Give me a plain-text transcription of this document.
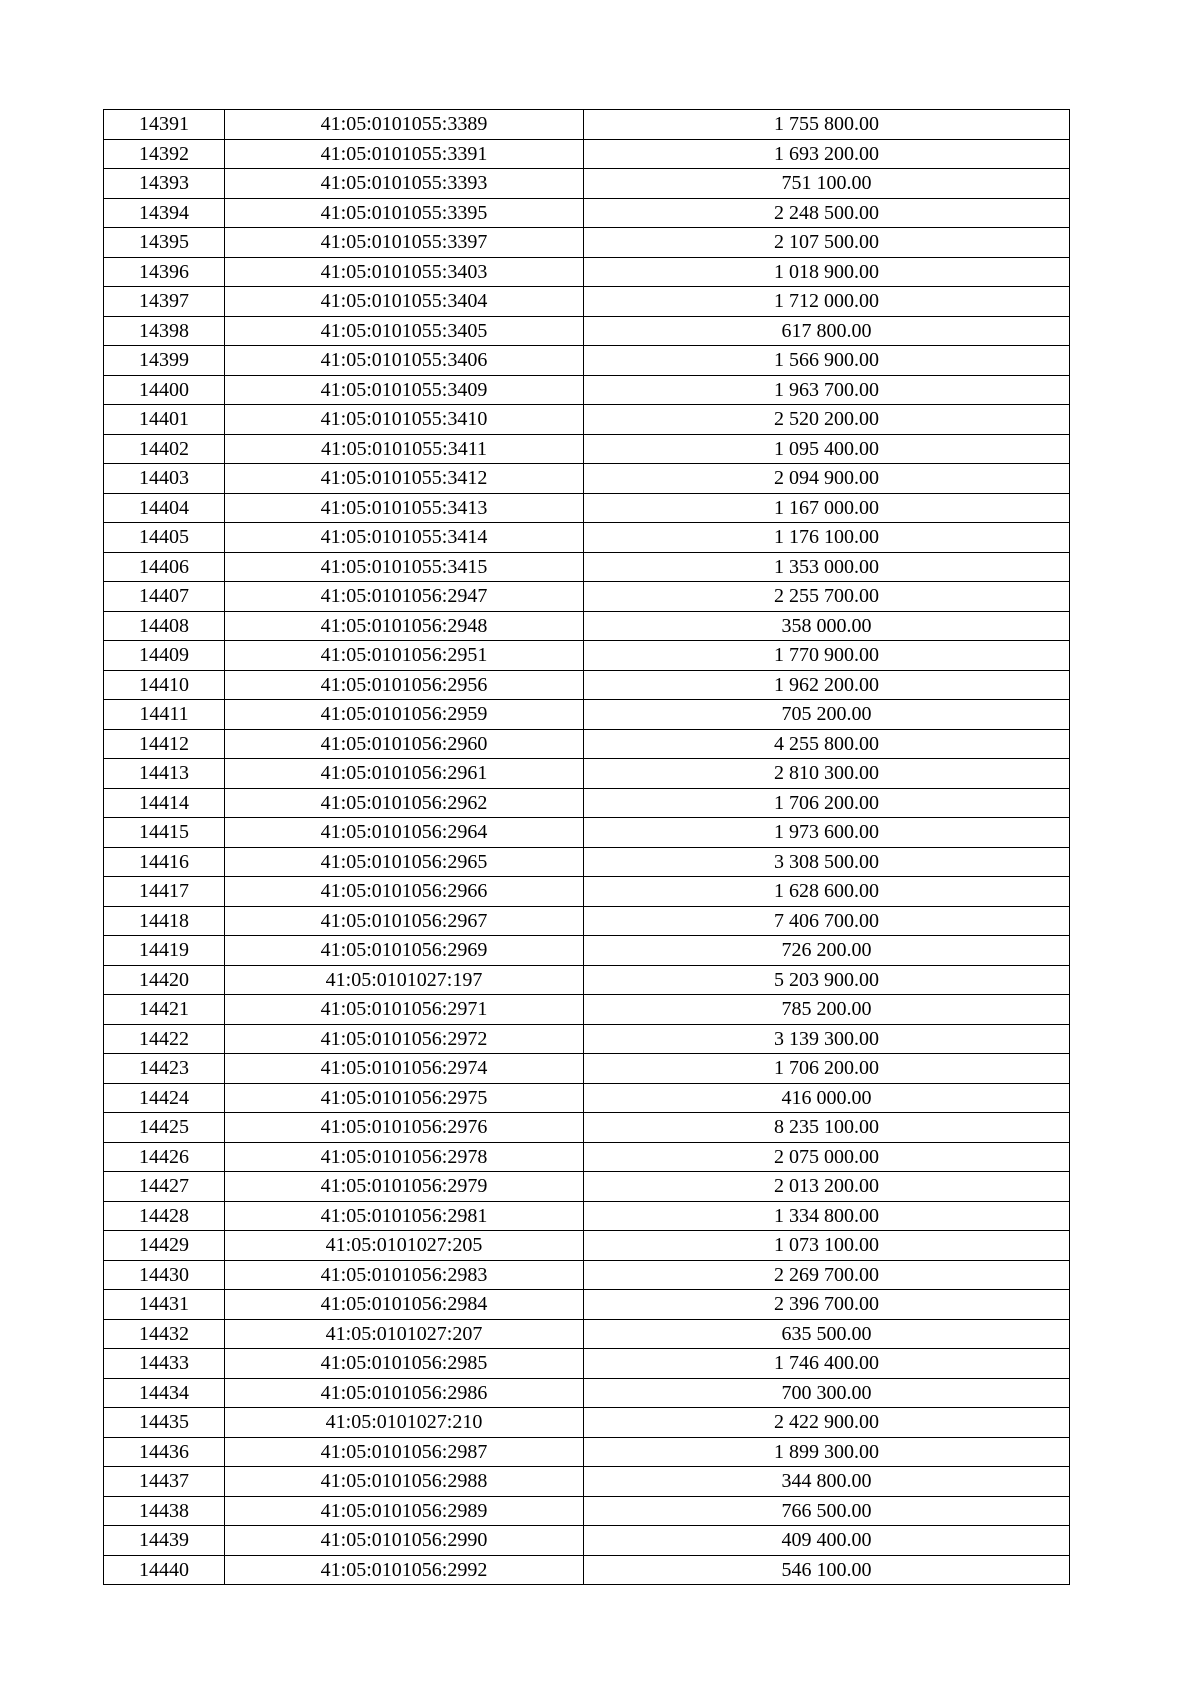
14391	41:05:0101055:3389	1 755 800.00
14392	41:05:0101055:3391	1 693 200.00
14393	41:05:0101055:3393	751 100.00
14394	41:05:0101055:3395	2 248 500.00
14395	41:05:0101055:3397	2 107 500.00
14396	41:05:0101055:3403	1 018 900.00
14397	41:05:0101055:3404	1 712 000.00
14398	41:05:0101055:3405	617 800.00
14399	41:05:0101055:3406	1 566 900.00
14400	41:05:0101055:3409	1 963 700.00
14401	41:05:0101055:3410	2 520 200.00
14402	41:05:0101055:3411	1 095 400.00
14403	41:05:0101055:3412	2 094 900.00
14404	41:05:0101055:3413	1 167 000.00
14405	41:05:0101055:3414	1 176 100.00
14406	41:05:0101055:3415	1 353 000.00
14407	41:05:0101056:2947	2 255 700.00
14408	41:05:0101056:2948	358 000.00
14409	41:05:0101056:2951	1 770 900.00
14410	41:05:0101056:2956	1 962 200.00
14411	41:05:0101056:2959	705 200.00
14412	41:05:0101056:2960	4 255 800.00
14413	41:05:0101056:2961	2 810 300.00
14414	41:05:0101056:2962	1 706 200.00
14415	41:05:0101056:2964	1 973 600.00
14416	41:05:0101056:2965	3 308 500.00
14417	41:05:0101056:2966	1 628 600.00
14418	41:05:0101056:2967	7 406 700.00
14419	41:05:0101056:2969	726 200.00
14420	41:05:0101027:197	5 203 900.00
14421	41:05:0101056:2971	785 200.00
14422	41:05:0101056:2972	3 139 300.00
14423	41:05:0101056:2974	1 706 200.00
14424	41:05:0101056:2975	416 000.00
14425	41:05:0101056:2976	8 235 100.00
14426	41:05:0101056:2978	2 075 000.00
14427	41:05:0101056:2979	2 013 200.00
14428	41:05:0101056:2981	1 334 800.00
14429	41:05:0101027:205	1 073 100.00
14430	41:05:0101056:2983	2 269 700.00
14431	41:05:0101056:2984	2 396 700.00
14432	41:05:0101027:207	635 500.00
14433	41:05:0101056:2985	1 746 400.00
14434	41:05:0101056:2986	700 300.00
14435	41:05:0101027:210	2 422 900.00
14436	41:05:0101056:2987	1 899 300.00
14437	41:05:0101056:2988	344 800.00
14438	41:05:0101056:2989	766 500.00
14439	41:05:0101056:2990	409 400.00
14440	41:05:0101056:2992	546 100.00
